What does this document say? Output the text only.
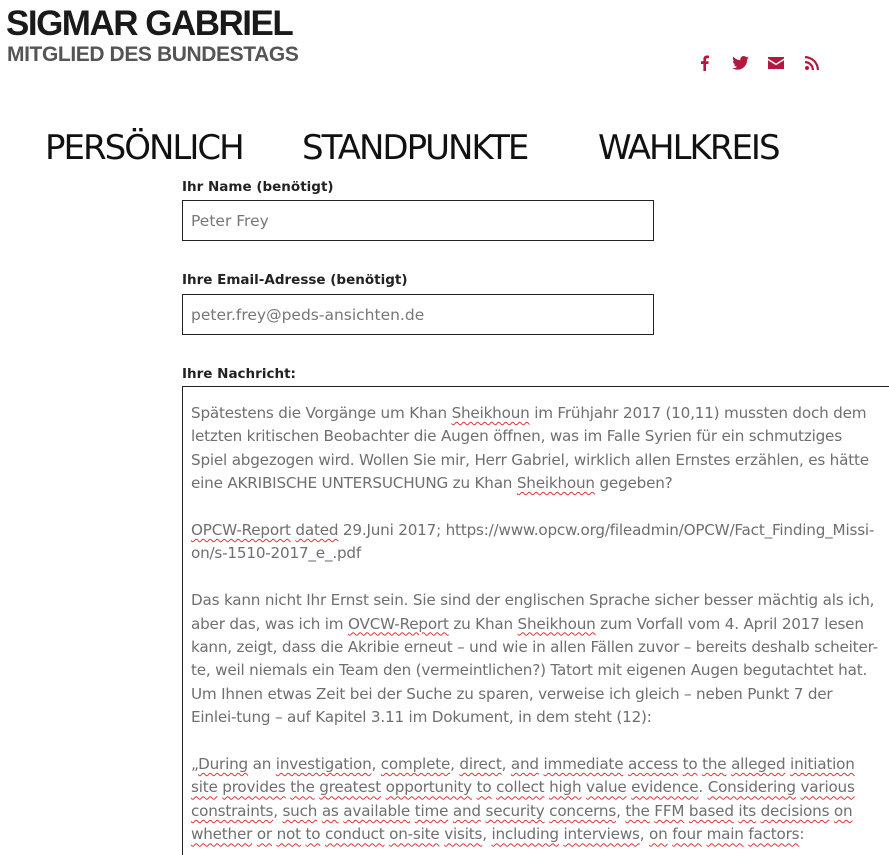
SIGMAR GABRIEL
MITGLIED DES BUNDESTAGS
PERSÖNLICH STANDPUNKTE WAHLKREIS
Ihr Name (benötigt)
Peter Frey
Ihre Email-Adresse (benötigt)
peter.frey@peds-ansichten.de
Ihre Nachricht:

Spätestens die Vorgänge um Khan Sheikhoun im Frühjahr 2017 (10,11) mussten doch dem letzten kritischen Beobachter die Augen öffnen, was im Falle Syrien für ein schmutziges Spiel abgezogen wird. Wollen Sie mir, Herr Gabriel, wirklich allen Ernstes erzählen, es hätte eine AKRIBISCHE UNTERSUCHUNG zu Khan Sheikhoun gegeben?

OPCW-Report dated 29.Juni 2017; https://www.opcw.org/fileadmin/OPCW/Fact_Finding_Missi-on/s-1510-2017_e_.pdf

Das kann nicht Ihr Ernst sein. Sie sind der englischen Sprache sicher besser mächtig als ich, aber das, was ich im OVCW-Report zu Khan Sheikhoun zum Vorfall vom 4. April 2017 lesen kann, zeigt, dass die Akribie erneut – und wie in allen Fällen zuvor – bereits deshalb scheiter-te, weil niemals ein Team den (vermeintlichen?) Tatort mit eigenen Augen begutachtet hat. Um Ihnen etwas Zeit bei der Suche zu sparen, verweise ich gleich – neben Punkt 7 der Einlei-tung – auf Kapitel 3.11 im Dokument, in dem steht (12):

„During an investigation, complete, direct, and immediate access to the alleged initiation site provides the greatest opportunity to collect high value evidence. Considering various constraints, such as available time and security concerns, the FFM based its decisions on whether or not to conduct on-site visits, including interviews, on four main factors:
